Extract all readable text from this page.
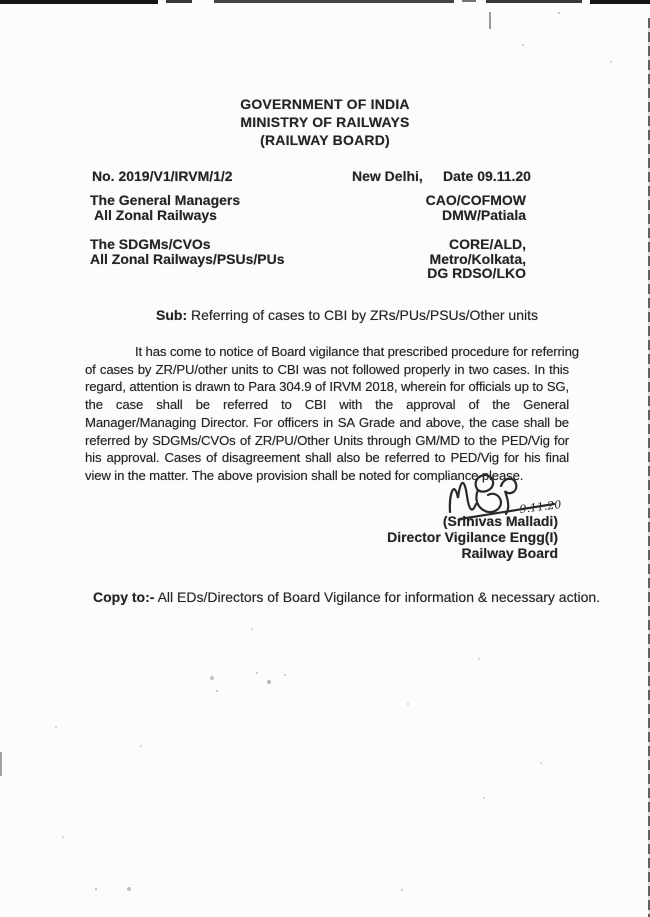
GOVERNMENT OF INDIA
MINISTRY OF RAILWAYS
(RAILWAY BOARD)
No. 2019/V1/IRVM/1/2	New Delhi, Date 09.11.20
The General Managers
All Zonal Railways
CAO/COFMOW
DMW/Patiala
The SDGMs/CVOs
All Zonal Railways/PSUs/PUs
CORE/ALD,
Metro/Kolkata,
DG RDSO/LKO
Sub: Referring of cases to CBI by ZRs/PUs/PSUs/Other units
It has come to notice of Board vigilance that prescribed procedure for referring
of cases by ZR/PU/other units to CBI was not followed properly in two cases. In this
regard, attention is drawn to Para 304.9 of IRVM 2018, wherein for officials up to SG,
the case shall be referred to CBI with the approval of the General
Manager/Managing Director. For officers in SA Grade and above, the case shall be
referred by SDGMs/CVOs of ZR/PU/Other Units through GM/MD to the PED/Vig for
his approval. Cases of disagreement shall also be referred to PED/Vig for his final
view in the matter. The above provision shall be noted for compliance please.
9.11.20
(Srinivas Malladi)
Director Vigilance Engg(I)
Railway Board
Copy to:- All EDs/Directors of Board Vigilance for information & necessary action.
